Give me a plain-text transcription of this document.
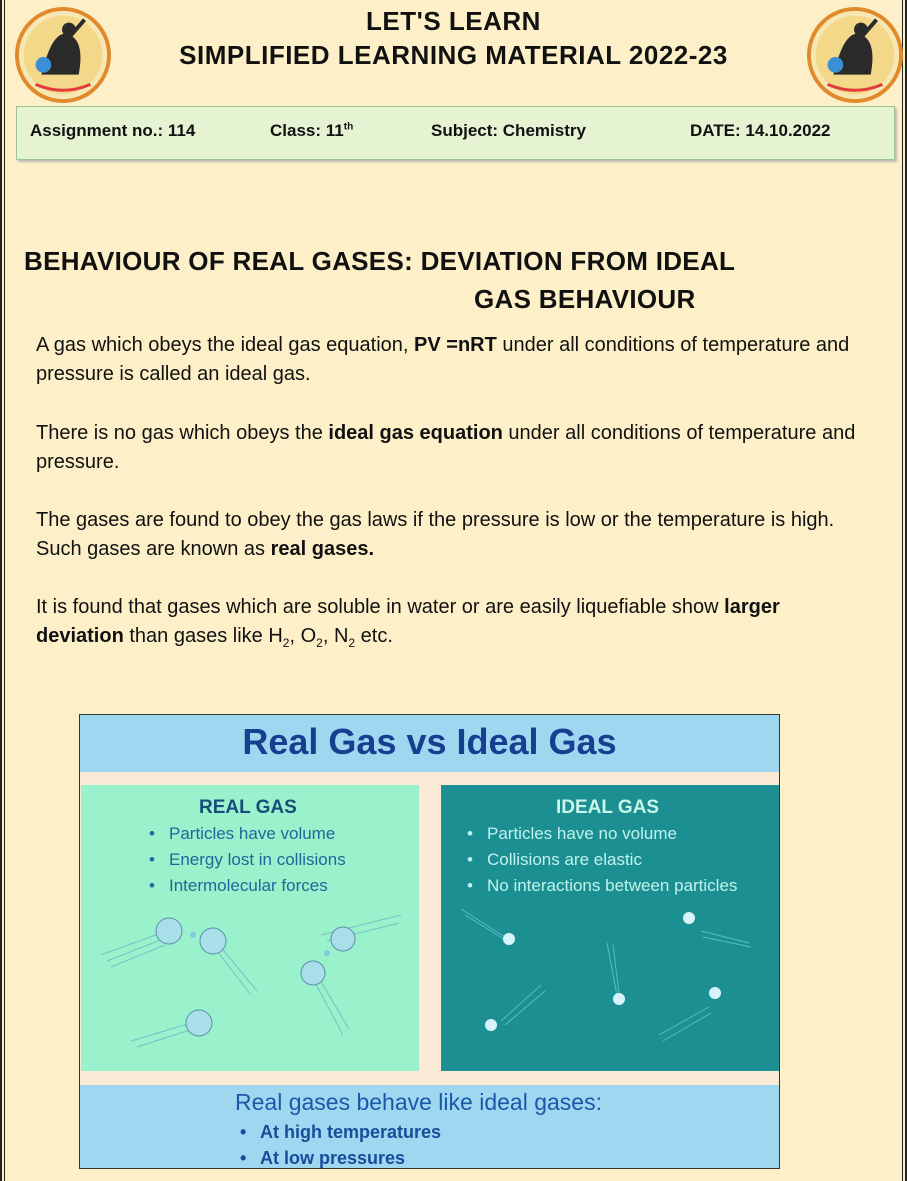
LET'S LEARN
SIMPLIFIED LEARNING MATERIAL 2022-23
Assignment no.: 114	Class: 11th	Subject: Chemistry	DATE: 14.10.2022
BEHAVIOUR OF REAL GASES: DEVIATION FROM IDEAL
GAS BEHAVIOUR
A gas which obeys the ideal gas equation, PV =nRT under all conditions of temperature and pressure is called an ideal gas.
There is no gas which obeys the ideal gas equation under all conditions of temperature and pressure.
The gases are found to obey the gas laws if the pressure is low or the temperature is high. Such gases are known as real gases.
It is found that gases which are soluble in water or are easily liquefiable show larger deviation than gases like $H_2$, $O_2$, $N_2$ etc.
Real Gas vs Ideal Gas
REAL GAS
• Particles have volume
• Energy lost in collisions
• Intermolecular forces
IDEAL GAS
• Particles have no volume
• Collisions are elastic
• No interactions between particles
Real gases behave like ideal gases:
• At high temperatures
• At low pressures
